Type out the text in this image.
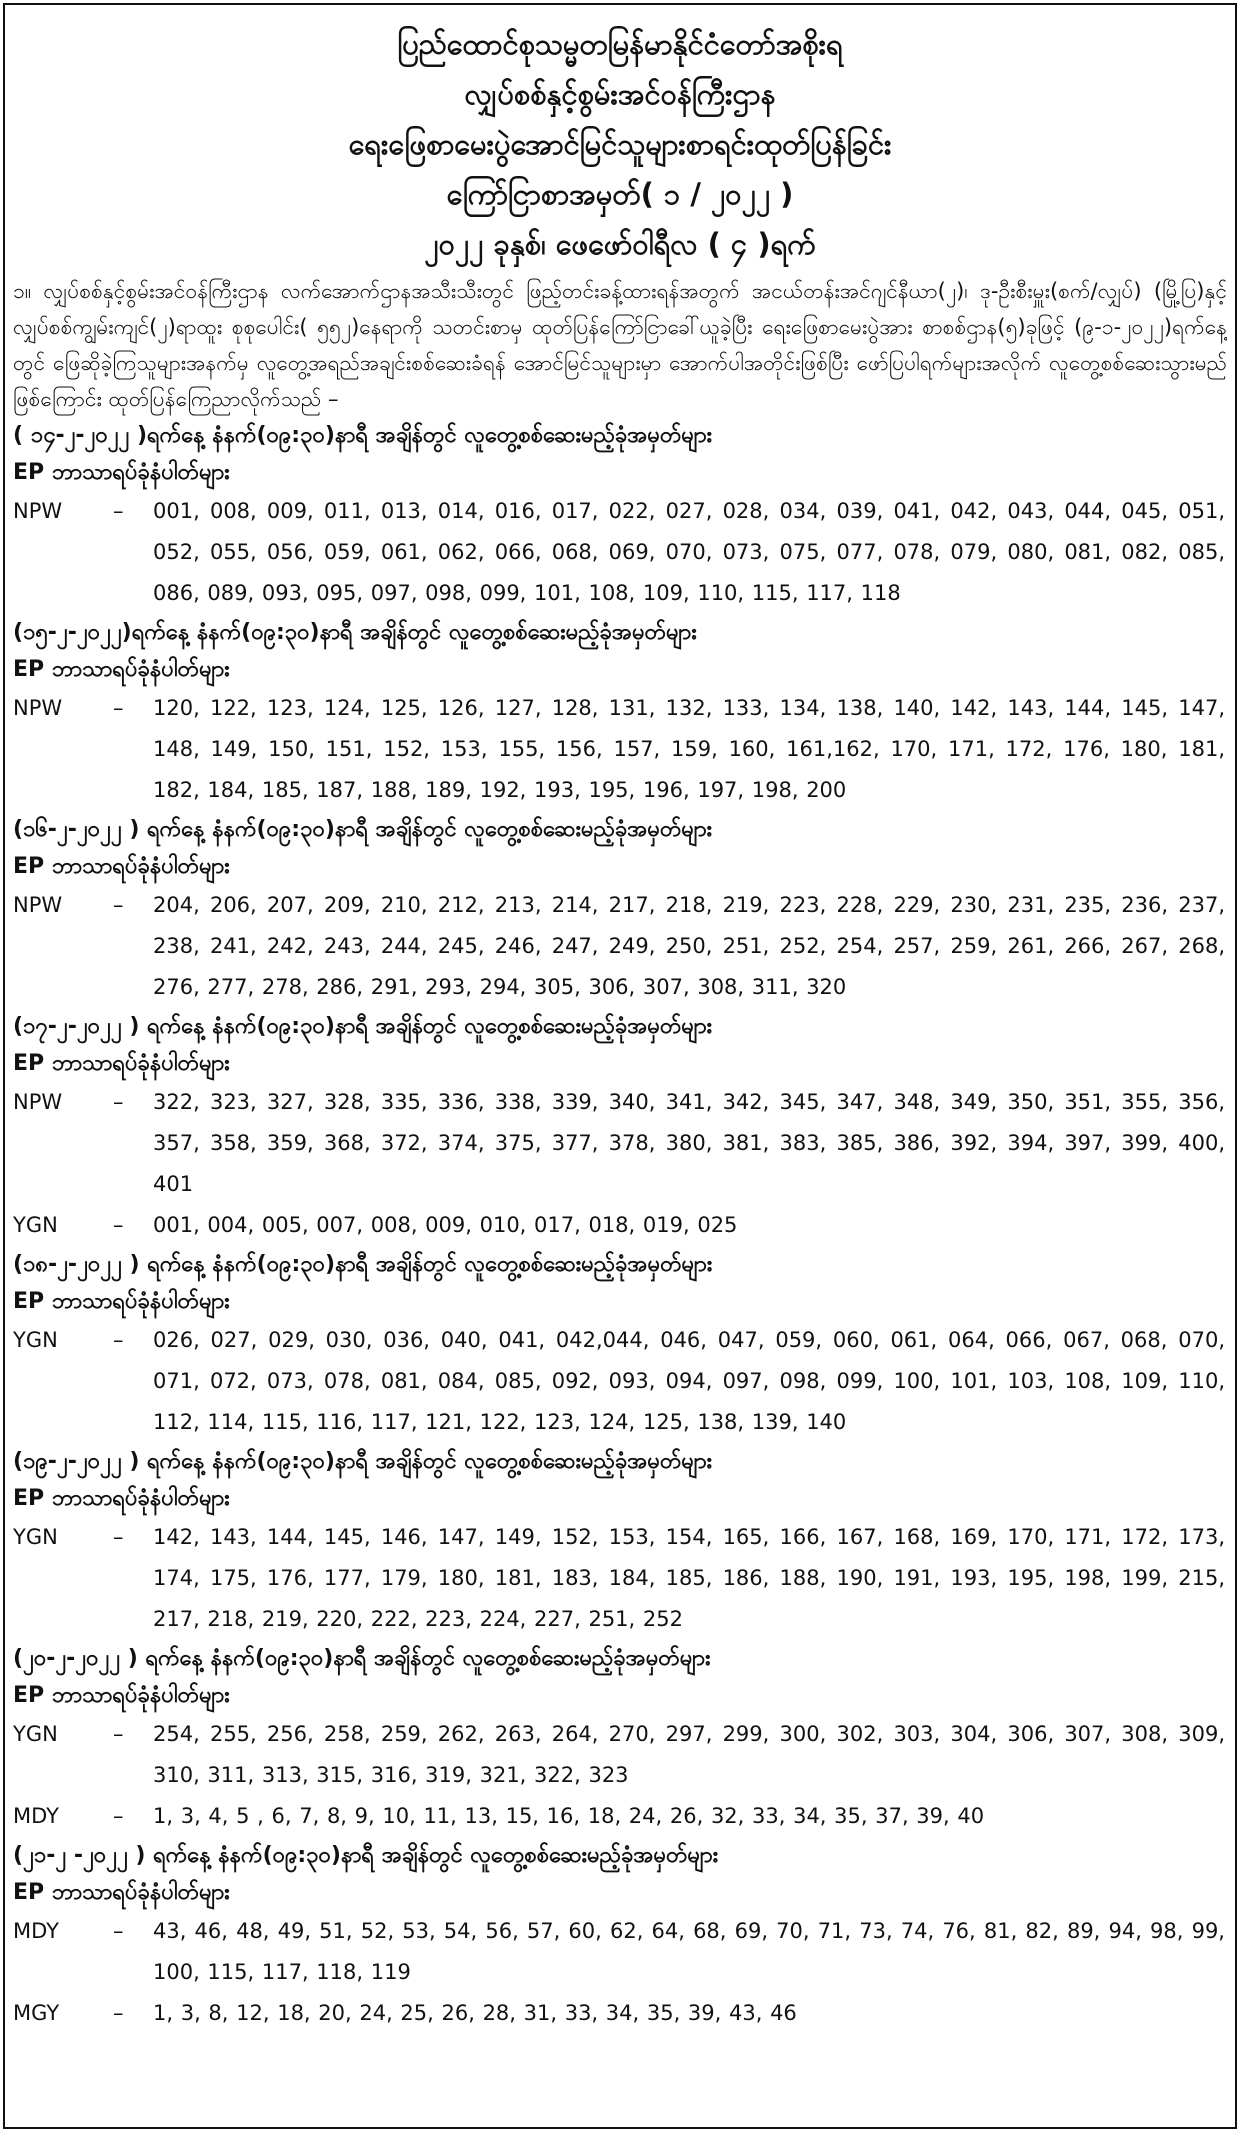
ပြည်ထောင်စုသမ္မတမြန်မာနိုင်ငံတော်အစိုးရ
လျှပ်စစ်နှင့်စွမ်းအင်ဝန်ကြီးဌာန
ရေးဖြေစာမေးပွဲအောင်မြင်သူများစာရင်းထုတ်ပြန်ခြင်း
ကြော်ငြာစာအမှတ်( ၁ / ၂၀၂၂ )
၂၀၂၂ ခုနှစ်၊ ဖေဖော်ဝါရီလ ( ၄ )ရက်
၁။ လျှပ်စစ်နှင့်စွမ်းအင်ဝန်ကြီးဌာန လက်အောက်ဌာနအသီးသီးတွင် ဖြည့်တင်းခန့်ထားရန်အတွက် အငယ်တန်းအင်ဂျင်နီယာ(၂)၊ ဒု-ဦးစီးမှူး(စက်/လျှပ်) (မြို့ပြ)နှင့်လျှပ်စစ်ကျွမ်းကျင်(၂)ရာထူး စုစုပေါင်း( ၅၅၂)နေရာကို သတင်းစာမှ ထုတ်ပြန်ကြော်ငြာခေါ်ယူခဲ့ပြီး ရေးဖြေစာမေးပွဲအား စာစစ်ဌာန(၅)ခုဖြင့် (၉-၁-၂၀၂၂)ရက်နေ့တွင် ဖြေဆိုခဲ့ကြသူများအနက်မှ လူတွေ့အရည်အချင်းစစ်ဆေးခံရန် အောင်မြင်သူများမှာ အောက်ပါအတိုင်းဖြစ်ပြီး ဖော်ပြပါရက်များအလိုက် လူတွေ့စစ်ဆေးသွားမည်ဖြစ်ကြောင်း ထုတ်ပြန်ကြေညာလိုက်သည် –
( ၁၄-၂-၂၀၂၂ )ရက်နေ့ နံနက်(၀၉:၃၀)နာရီ အချိန်တွင် လူတွေ့စစ်ဆေးမည့်ခုံအမှတ်များ
EP ဘာသာရပ်ခုံနံပါတ်များ
NPW	–	001, 008, 009, 011, 013, 014, 016, 017, 022, 027, 028, 034, 039, 041, 042, 043, 044, 045, 051, 052, 055, 056, 059, 061, 062, 066, 068, 069, 070, 073, 075, 077, 078, 079, 080, 081, 082, 085, 086, 089, 093, 095, 097, 098, 099, 101, 108, 109, 110, 115, 117, 118
(၁၅-၂-၂၀၂၂)ရက်နေ့ နံနက်(၀၉:၃၀)နာရီ အချိန်တွင် လူတွေ့စစ်ဆေးမည့်ခုံအမှတ်များ
EP ဘာသာရပ်ခုံနံပါတ်များ
NPW	–	120, 122, 123, 124, 125, 126, 127, 128, 131, 132, 133, 134, 138, 140, 142, 143, 144, 145, 147, 148, 149, 150, 151, 152, 153, 155, 156, 157, 159, 160, 161,162, 170, 171, 172, 176, 180, 181, 182, 184, 185, 187, 188, 189, 192, 193, 195, 196, 197, 198, 200
(၁၆-၂-၂၀၂၂ ) ရက်နေ့ နံနက်(၀၉:၃၀)နာရီ အချိန်တွင် လူတွေ့စစ်ဆေးမည့်ခုံအမှတ်များ
EP ဘာသာရပ်ခုံနံပါတ်များ
NPW	–	204, 206, 207, 209, 210, 212, 213, 214, 217, 218, 219, 223, 228, 229, 230, 231, 235, 236, 237, 238, 241, 242, 243, 244, 245, 246, 247, 249, 250, 251, 252, 254, 257, 259, 261, 266, 267, 268, 276, 277, 278, 286, 291, 293, 294, 305, 306, 307, 308, 311, 320
(၁၇-၂-၂၀၂၂ ) ရက်နေ့ နံနက်(၀၉:၃၀)နာရီ အချိန်တွင် လူတွေ့စစ်ဆေးမည့်ခုံအမှတ်များ
EP ဘာသာရပ်ခုံနံပါတ်များ
NPW	–	322, 323, 327, 328, 335, 336, 338, 339, 340, 341, 342, 345, 347, 348, 349, 350, 351, 355, 356, 357, 358, 359, 368, 372, 374, 375, 377, 378, 380, 381, 383, 385, 386, 392, 394, 397, 399, 400, 401
YGN	–	001, 004, 005, 007, 008, 009, 010, 017, 018, 019, 025
(၁၈-၂-၂၀၂၂ ) ရက်နေ့ နံနက်(၀၉:၃၀)နာရီ အချိန်တွင် လူတွေ့စစ်ဆေးမည့်ခုံအမှတ်များ
EP ဘာသာရပ်ခုံနံပါတ်များ
YGN	–	026, 027, 029, 030, 036, 040, 041, 042,044, 046, 047, 059, 060, 061, 064, 066, 067, 068, 070, 071, 072, 073, 078, 081, 084, 085, 092, 093, 094, 097, 098, 099, 100, 101, 103, 108, 109, 110, 112, 114, 115, 116, 117, 121, 122, 123, 124, 125, 138, 139, 140
(၁၉-၂-၂၀၂၂ ) ရက်နေ့ နံနက်(၀၉:၃၀)နာရီ အချိန်တွင် လူတွေ့စစ်ဆေးမည့်ခုံအမှတ်များ
EP ဘာသာရပ်ခုံနံပါတ်များ
YGN	–	142, 143, 144, 145, 146, 147, 149, 152, 153, 154, 165, 166, 167, 168, 169, 170, 171, 172, 173, 174, 175, 176, 177, 179, 180, 181, 183, 184, 185, 186, 188, 190, 191, 193, 195, 198, 199, 215, 217, 218, 219, 220, 222, 223, 224, 227, 251, 252
(၂၀-၂-၂၀၂၂ ) ရက်နေ့ နံနက်(၀၉:၃၀)နာရီ အချိန်တွင် လူတွေ့စစ်ဆေးမည့်ခုံအမှတ်များ
EP ဘာသာရပ်ခုံနံပါတ်များ
YGN	–	254, 255, 256, 258, 259, 262, 263, 264, 270, 297, 299, 300, 302, 303, 304, 306, 307, 308, 309, 310, 311, 313, 315, 316, 319, 321, 322, 323
MDY	–	1, 3, 4, 5 , 6, 7, 8, 9, 10, 11, 13, 15, 16, 18, 24, 26, 32, 33, 34, 35, 37, 39, 40
(၂၁-၂ -၂၀၂၂ ) ရက်နေ့ နံနက်(၀၉:၃၀)နာရီ အချိန်တွင် လူတွေ့စစ်ဆေးမည့်ခုံအမှတ်များ
EP ဘာသာရပ်ခုံနံပါတ်များ
MDY	–	43, 46, 48, 49, 51, 52, 53, 54, 56, 57, 60, 62, 64, 68, 69, 70, 71, 73, 74, 76, 81, 82, 89, 94, 98, 99, 100, 115, 117, 118, 119
MGY	–	1, 3, 8, 12, 18, 20, 24, 25, 26, 28, 31, 33, 34, 35, 39, 43, 46
